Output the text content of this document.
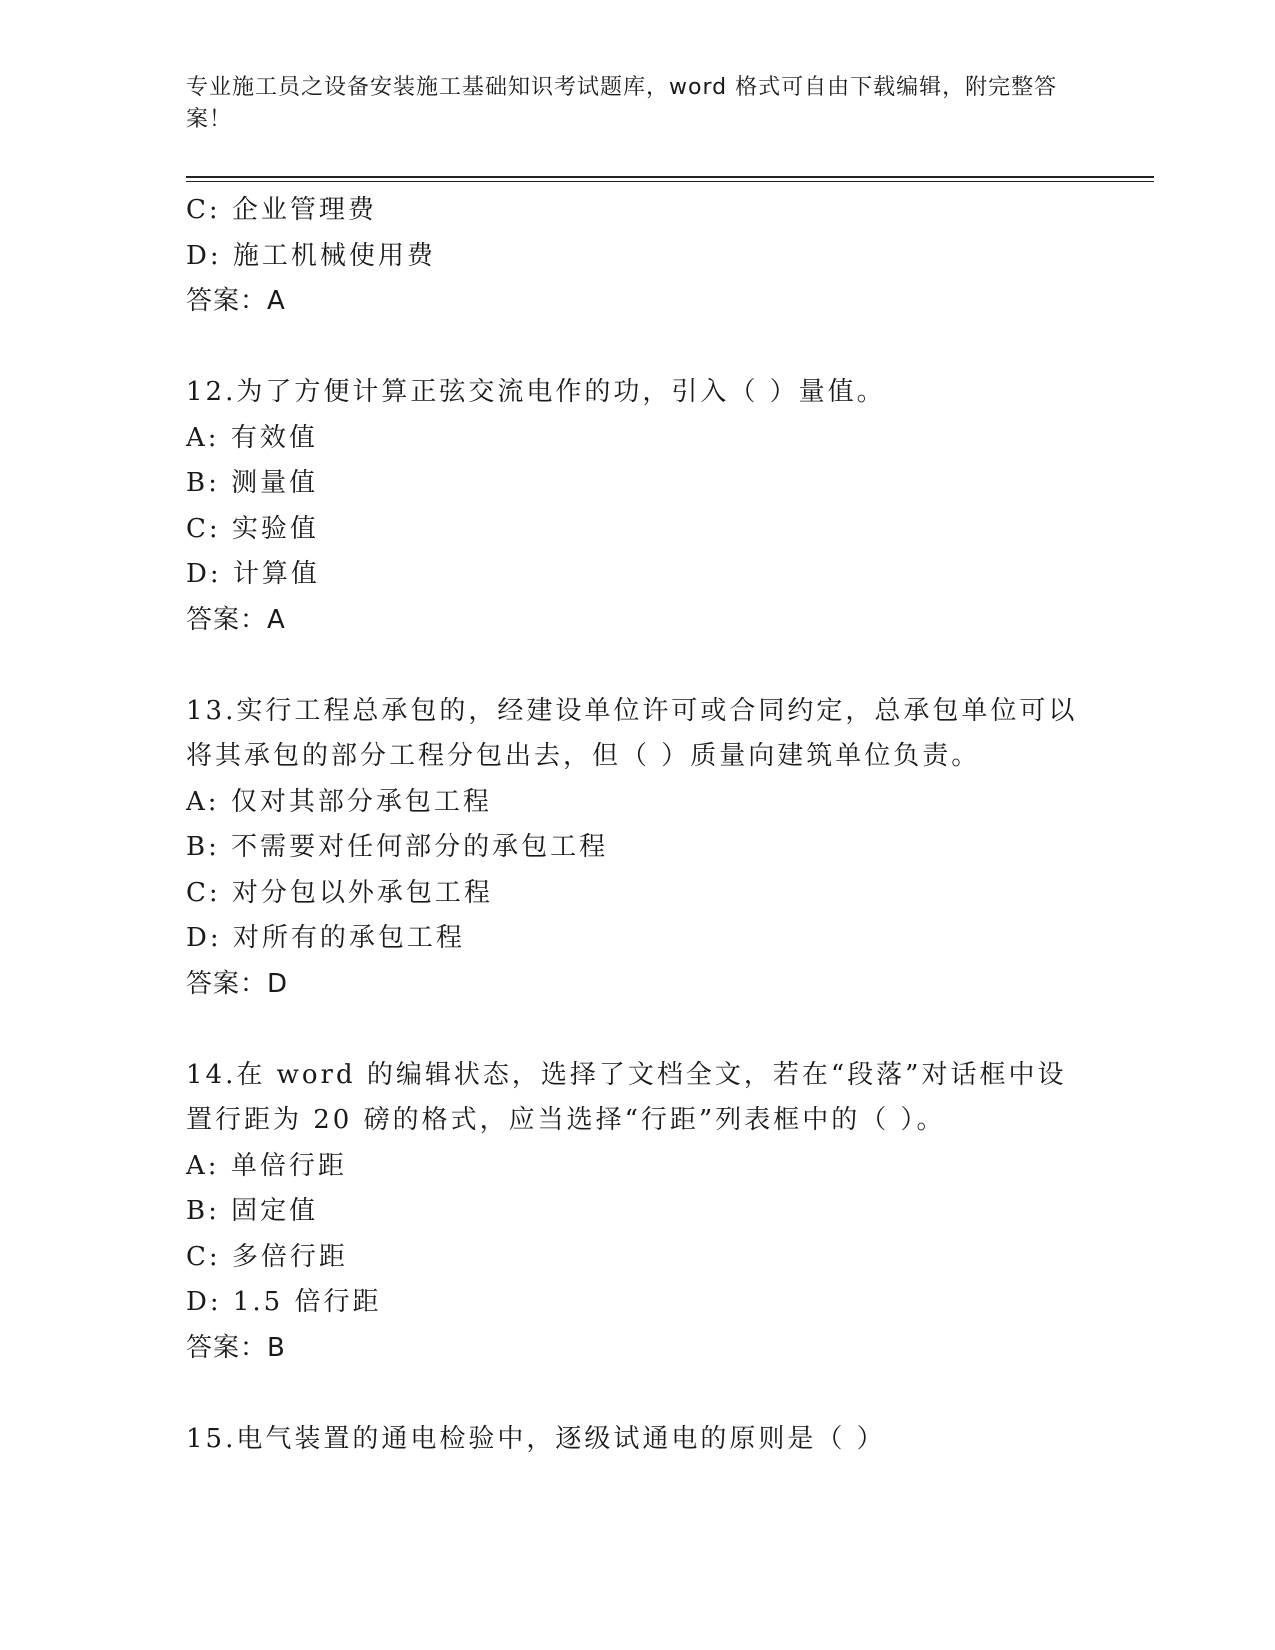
专业施工员之设备安装施工基础知识考试题库，word 格式可自由下载编辑，附完整答案！
C: 企业管理费
D: 施工机械使用费
答案：A
12.为了方便计算正弦交流电作的功，引入（ ）量值。
A: 有效值
B: 测量值
C: 实验值
D: 计算值
答案：A
13.实行工程总承包的，经建设单位许可或合同约定，总承包单位可以
将其承包的部分工程分包出去，但（ ）质量向建筑单位负责。
A: 仅对其部分承包工程
B: 不需要对任何部分的承包工程
C: 对分包以外承包工程
D: 对所有的承包工程
答案：D
14.在 word 的编辑状态，选择了文档全文，若在“段落”对话框中设
置行距为 20 磅的格式，应当选择“行距”列表框中的（ ）。
A: 单倍行距
B: 固定值
C: 多倍行距
D: 1.5 倍行距
答案：B
15.电气装置的通电检验中，逐级试通电的原则是（ ）
